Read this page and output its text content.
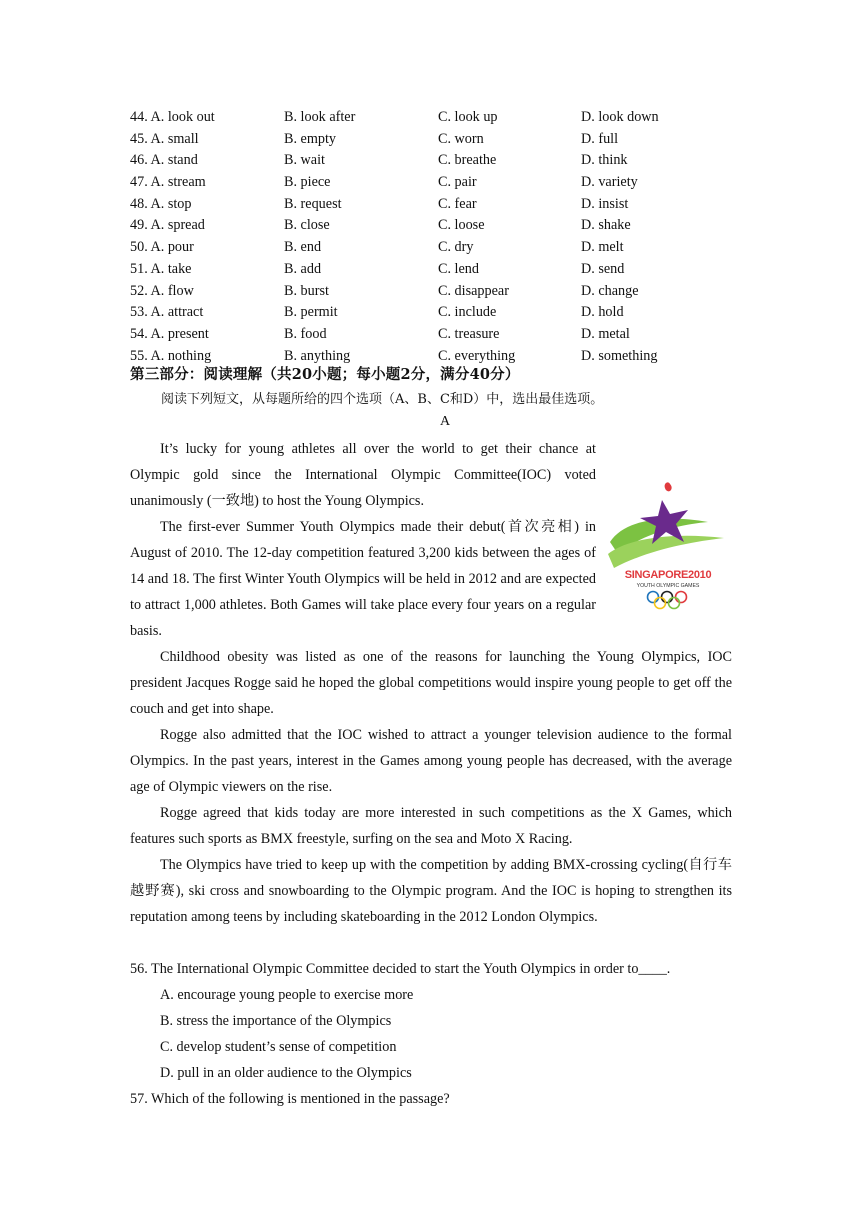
44. A. look out	B. look after	C. look up	D. look down
45. A. small	B. empty	C. worn	D. full
46. A. stand	B. wait	C. breathe	D. think
47. A. stream	B. piece	C. pair	D. variety
48. A. stop	B. request	C. fear	D. insist
49. A. spread	B. close	C. loose	D. shake
50. A. pour	B. end	C. dry	D. melt
51. A. take	B. add	C. lend	D. send
52. A. flow	B. burst	C. disappear	D. change
53. A. attract	B. permit	C. include	D. hold
54. A. present	B. food	C. treasure	D. metal
55. A. nothing	B. anything	C. everything	D. something
第三部分：阅读理解（共20小题；每小题2分，满分40分）
阅读下列短文，从每题所给的四个选项（A、B、C和D）中，选出最佳选项。
A
SINGAPORE2010
YOUTH OLYMPIC GAMES

It’s lucky for young athletes all over the world to get their chance at Olympic gold since the International Olympic Committee(IOC) voted unanimously (一致地) to host the Young Olympics.

The first-ever Summer Youth Olympics made their debut(首次亮相) in August of 2010. The 12-day competition featured 3,200 kids between the ages of 14 and 18. The first Winter Youth Olympics will be held in 2012 and are expected to attract 1,000 athletes. Both Games will take place every four years on a regular basis.

Childhood obesity was listed as one of the reasons for launching the Young Olympics, IOC president Jacques Rogge said he hoped the global competitions would inspire young people to get off the couch and get into shape.

Rogge also admitted that the IOC wished to attract a younger television audience to the formal Olympics. In the past years, interest in the Games among young people has decreased, with the average age of Olympic viewers on the rise.

Rogge agreed that kids today are more interested in such competitions as the X Games, which features such sports as BMX freestyle, surfing on the sea and Moto X Racing.

The Olympics have tried to keep up with the competition by adding BMX-crossing cycling(自行车越野赛), ski cross and snowboarding to the Olympic program. And the IOC is hoping to strengthen its reputation among teens by including skateboarding in the 2012 London Olympics.

56. The International Olympic Committee decided to start the Youth Olympics in order to____.
A. encourage young people to exercise more
B. stress the importance of the Olympics
C. develop student’s sense of competition
D. pull in an older audience to the Olympics
57. Which of the following is mentioned in the passage?
